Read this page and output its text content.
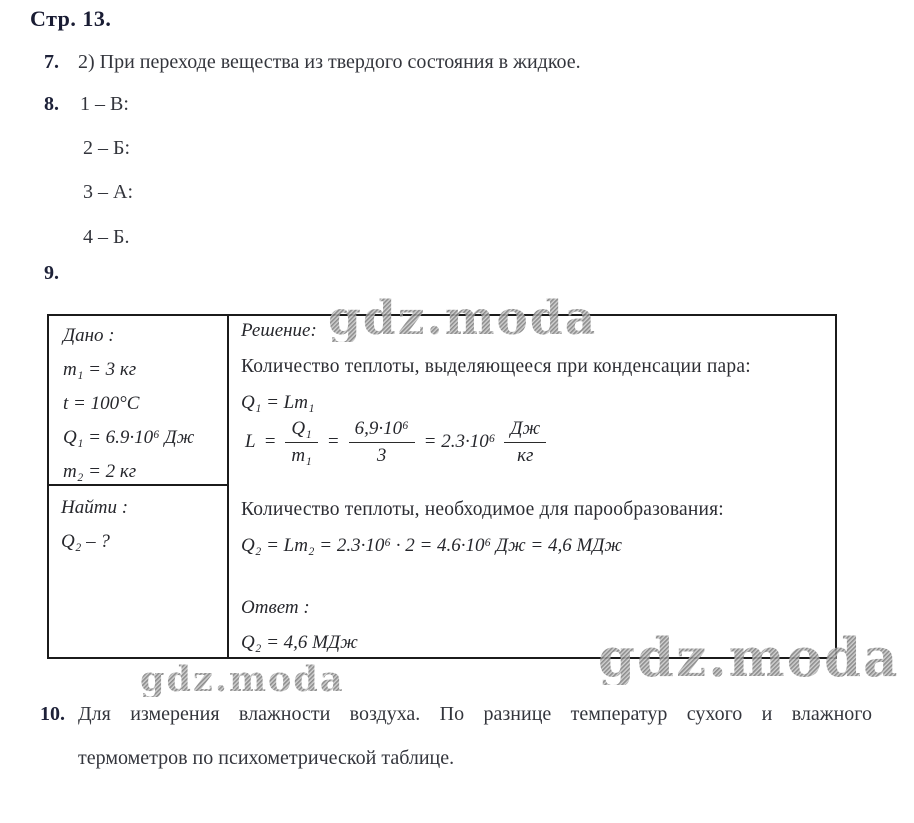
Стр. 13.
7. 2) При переходе вещества из твердого состояния в жидкое.
8. 1 – В:
2 – Б:
3 – А:
4 – Б.
9.
Дано :
m₁ = 3 кг
t = 100°C
Q₁ = 6.9·10⁶ Дж
m₂ = 2 кг
Найти :
Q₂ – ?
Решение:
Количество теплоты, выделяющееся при конденсации пара:
Q₁ = Lm₁
$L = \frac{\text{Q₁}}{\text{m₁}} = \frac{\text{6,9·10⁶}}{3} = 2.3\cdot 10^6 \frac{Дж}{кг}$
Количество теплоты, необходимое для парообразования:
Q₂ = Lm₂ = 2.3·10⁶ · 2 = 4.6·10⁶ Дж = 4,6 МДж
Ответ :
Q₂ = 4,6 МДж
gdz.moda
gdz.moda	gdz.moda
10. Для измерения влажности воздуха. По разнице температур сухого и влажного
термометров по психометрической таблице.
